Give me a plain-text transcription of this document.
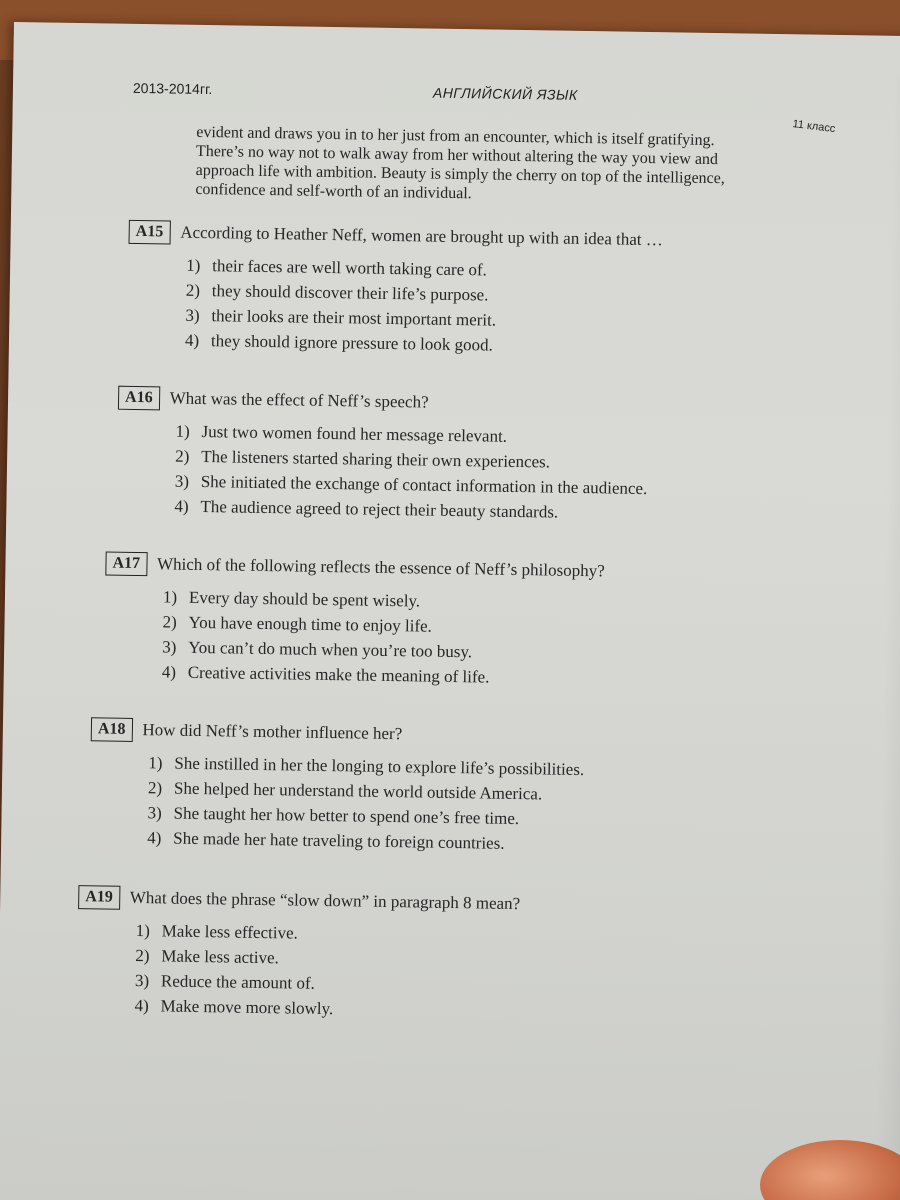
2013-2014гг.	АНГЛИЙСКИЙ ЯЗЫК
11 класс

evident and draws you in to her just from an encounter, which is itself gratifying.

There’s no way not to walk away from her without altering the way you view and

approach life with ambition. Beauty is simply the cherry on top of the intelligence,

confidence and self-worth of an individual.

A15 According to Heather Neff, women are brought up with an idea that …
1) their faces are well worth taking care of.
2) they should discover their life’s purpose.
3) their looks are their most important merit.
4) they should ignore pressure to look good.
A16 What was the effect of Neff’s speech?
1) Just two women found her message relevant.
2) The listeners started sharing their own experiences.
3) She initiated the exchange of contact information in the audience.
4) The audience agreed to reject their beauty standards.
A17 Which of the following reflects the essence of Neff’s philosophy?
1) Every day should be spent wisely.
2) You have enough time to enjoy life.
3) You can’t do much when you’re too busy.
4) Creative activities make the meaning of life.
A18 How did Neff’s mother influence her?
1) She instilled in her the longing to explore life’s possibilities.
2) She helped her understand the world outside America.
3) She taught her how better to spend one’s free time.
4) She made her hate traveling to foreign countries.
A19 What does the phrase “slow down” in paragraph 8 mean?
1) Make less effective.
2) Make less active.
3) Reduce the amount of.
4) Make move more slowly.
